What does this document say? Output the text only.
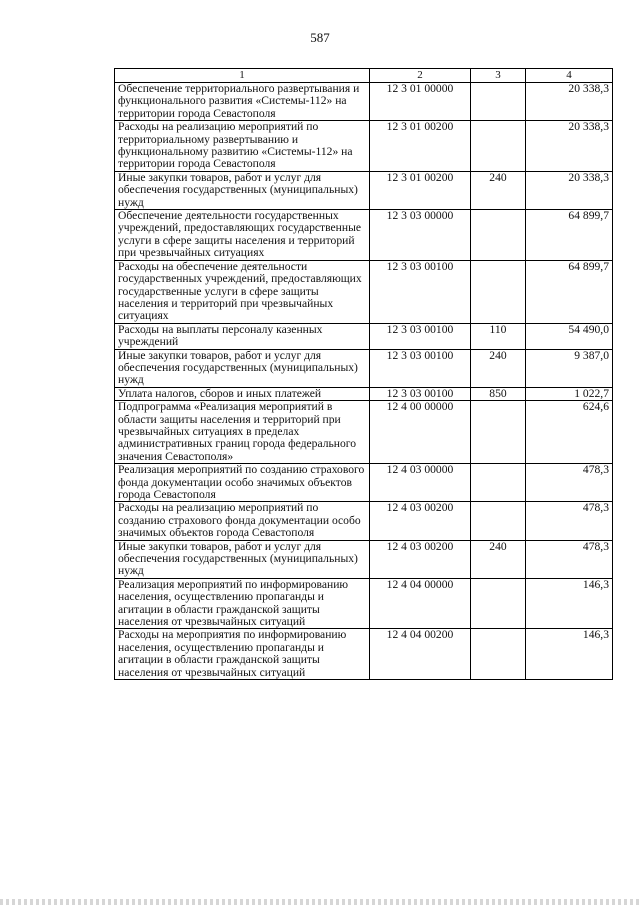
587
1	2	3	4
Обеспечение территориального развертывания и функционального развития «Системы-112» на территории города Севастополя	12 3 01 00000		20 338,3
Расходы на реализацию мероприятий по территориальному развертыванию и функциональному развитию «Системы-112» на территории города Севастополя	12 3 01 00200		20 338,3
Иные закупки товаров, работ и услуг для обеспечения государственных (муниципальных) нужд	12 3 01 00200	240	20 338,3
Обеспечение деятельности государственных учреждений, предоставляющих государственные услуги в сфере защиты населения и территорий при чрезвычайных ситуациях	12 3 03 00000		64 899,7
Расходы на обеспечение деятельности государственных учреждений, предоставляющих государственные услуги в сфере защиты населения и территорий при чрезвычайных ситуациях	12 3 03 00100		64 899,7
Расходы на выплаты персоналу казенных учреждений	12 3 03 00100	110	54 490,0
Иные закупки товаров, работ и услуг для обеспечения государственных (муниципальных) нужд	12 3 03 00100	240	9 387,0
Уплата налогов, сборов и иных платежей	12 3 03 00100	850	1 022,7
Подпрограмма «Реализация мероприятий в области защиты населения и территорий при чрезвычайных ситуациях в пределах административных границ города федерального значения Севастополя»	12 4 00 00000		624,6
Реализация мероприятий по созданию страхового фонда документации особо значимых объектов города Севастополя	12 4 03 00000		478,3
Расходы на реализацию мероприятий по созданию страхового фонда документации особо значимых объектов города Севастополя	12 4 03 00200		478,3
Иные закупки товаров, работ и услуг для обеспечения государственных (муниципальных) нужд	12 4 03 00200	240	478,3
Реализация мероприятий по информированию населения, осуществлению пропаганды и агитации в области гражданской защиты населения от чрезвычайных ситуаций	12 4 04 00000		146,3
Расходы на мероприятия по информированию населения, осуществлению пропаганды и агитации в области гражданской защиты населения от чрезвычайных ситуаций	12 4 04 00200		146,3
